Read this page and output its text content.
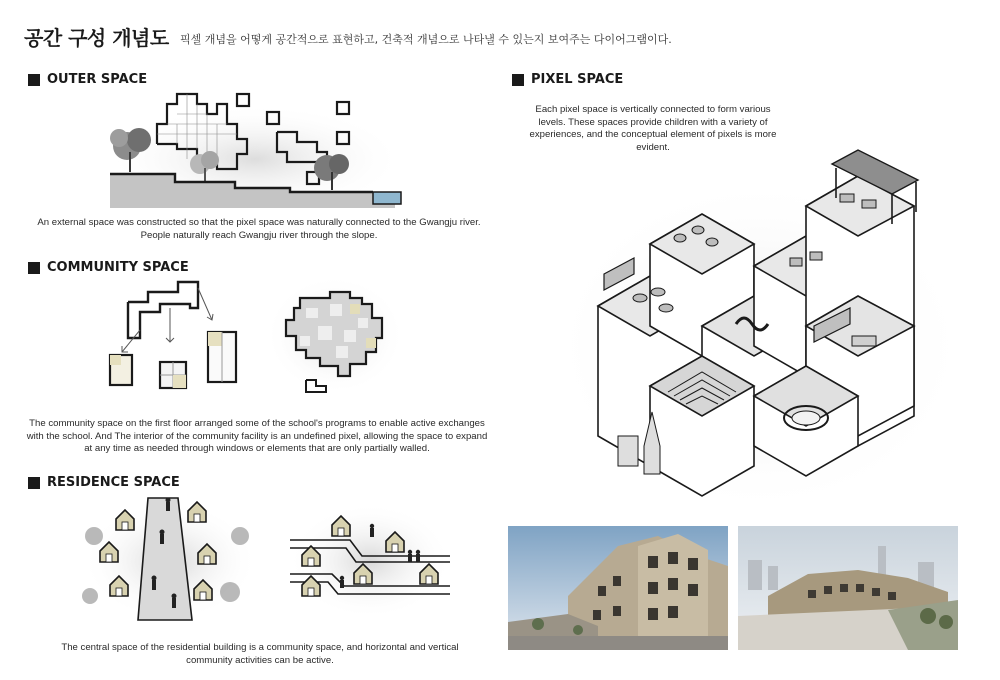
공간 구성 개념도 픽셀 개념을 어떻게 공간적으로 표현하고, 건축적 개념으로 나타낼 수 있는지 보여주는 다이어그램이다.
OUTER SPACE
An external space was constructed so that the pixel space was naturally connected to the Gwangju river. People naturally reach Gwangju river through the slope.
COMMUNITY SPACE
The community space on the first floor arranged some of the school's programs to enable active exchanges with the school. And The interior of the community facility is an undefined pixel, allowing the space to expand at any time as needed through windows or elements that are only partially walled.
RESIDENCE SPACE
The central space of the residential building is a community space, and horizontal and vertical community activities can be active.
PIXEL SPACE
Each pixel space is vertically connected to form various levels. These spaces provide children with a variety of experiences, and the conceptual element of pixels is more evident.
